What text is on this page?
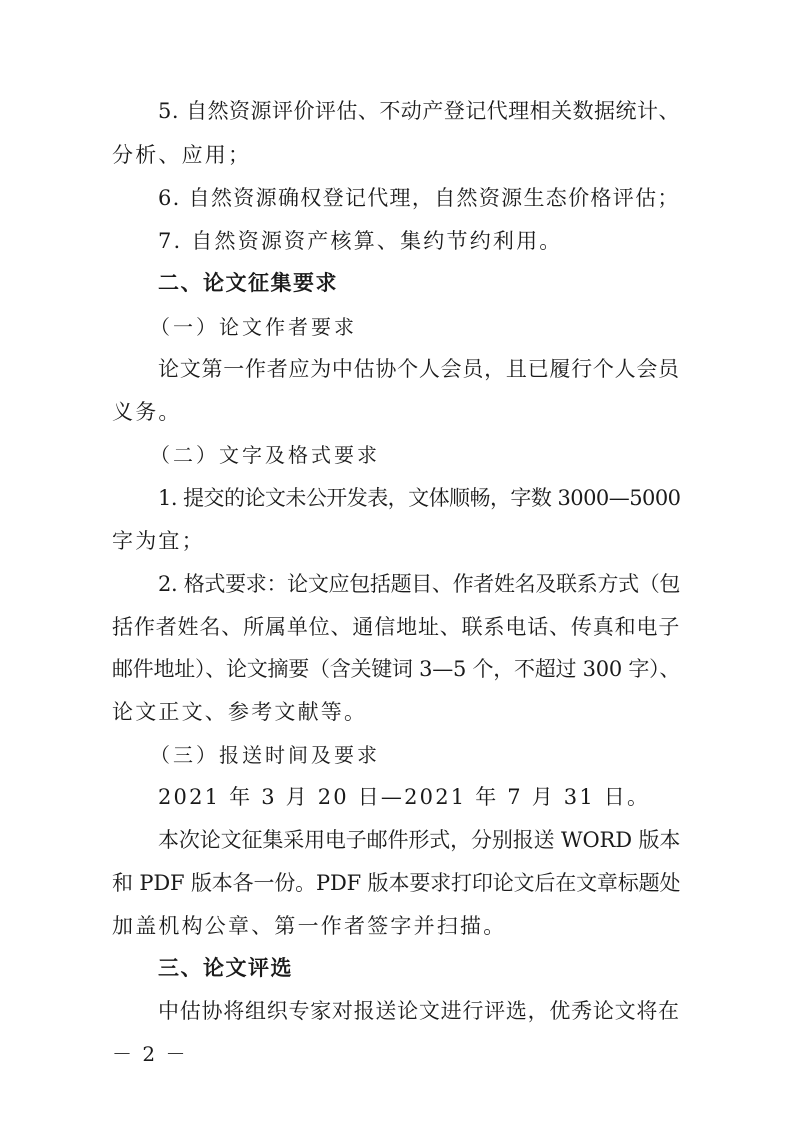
5. 自然资源评价评估、不动产登记代理相关数据统计、
分析、应用；
6. 自然资源确权登记代理，自然资源生态价格评估；
7. 自然资源资产核算、集约节约利用。
二、论文征集要求
（一）论文作者要求
论文第一作者应为中估协个人会员，且已履行个人会员
义务。
（二）文字及格式要求
1. 提交的论文未公开发表，文体顺畅，字数 3000—5000
字为宜；
2. 格式要求：论文应包括题目、作者姓名及联系方式（包
括作者姓名、所属单位、通信地址、联系电话、传真和电子
邮件地址）、论文摘要（含关键词 3—5 个，不超过 300 字）、
论文正文、参考文献等。
（三）报送时间及要求
2021 年 3 月 20 日—2021 年 7 月 31 日。
本次论文征集采用电子邮件形式，分别报送 WORD 版本
和 PDF 版本各一份。PDF 版本要求打印论文后在文章标题处
加盖机构公章、第一作者签字并扫描。
三、论文评选
中估协将组织专家对报送论文进行评选，优秀论文将在
－ 2 －
